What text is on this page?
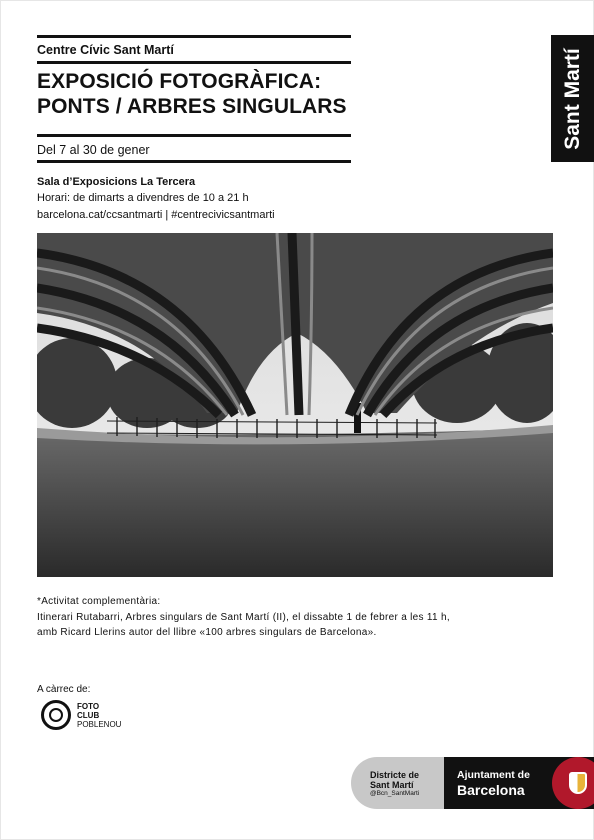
Centre Cívic Sant Martí
EXPOSICIÓ FOTOGRÀFICA:
PONTS / ARBRES SINGULARS
Del 7 al 30 de gener
Sala d’Exposicions La Tercera
Horari: de dimarts a divendres de 10 a 21 h
barcelona.cat/ccsantmarti | #centrecivicsantmarti
Sant Martí
*Activitat complementària:
Itinerari Rutabarri, Arbres singulars de Sant Martí (II), el dissabte 1 de febrer a les 11 h,
amb Ricard Llerins autor del llibre «100 arbres singulars de Barcelona».
A càrrec de:
FOTO
CLUB
POBLENOU
Districte de
Sant Martí
@Bcn_SantMarti
Ajuntament de
Barcelona
